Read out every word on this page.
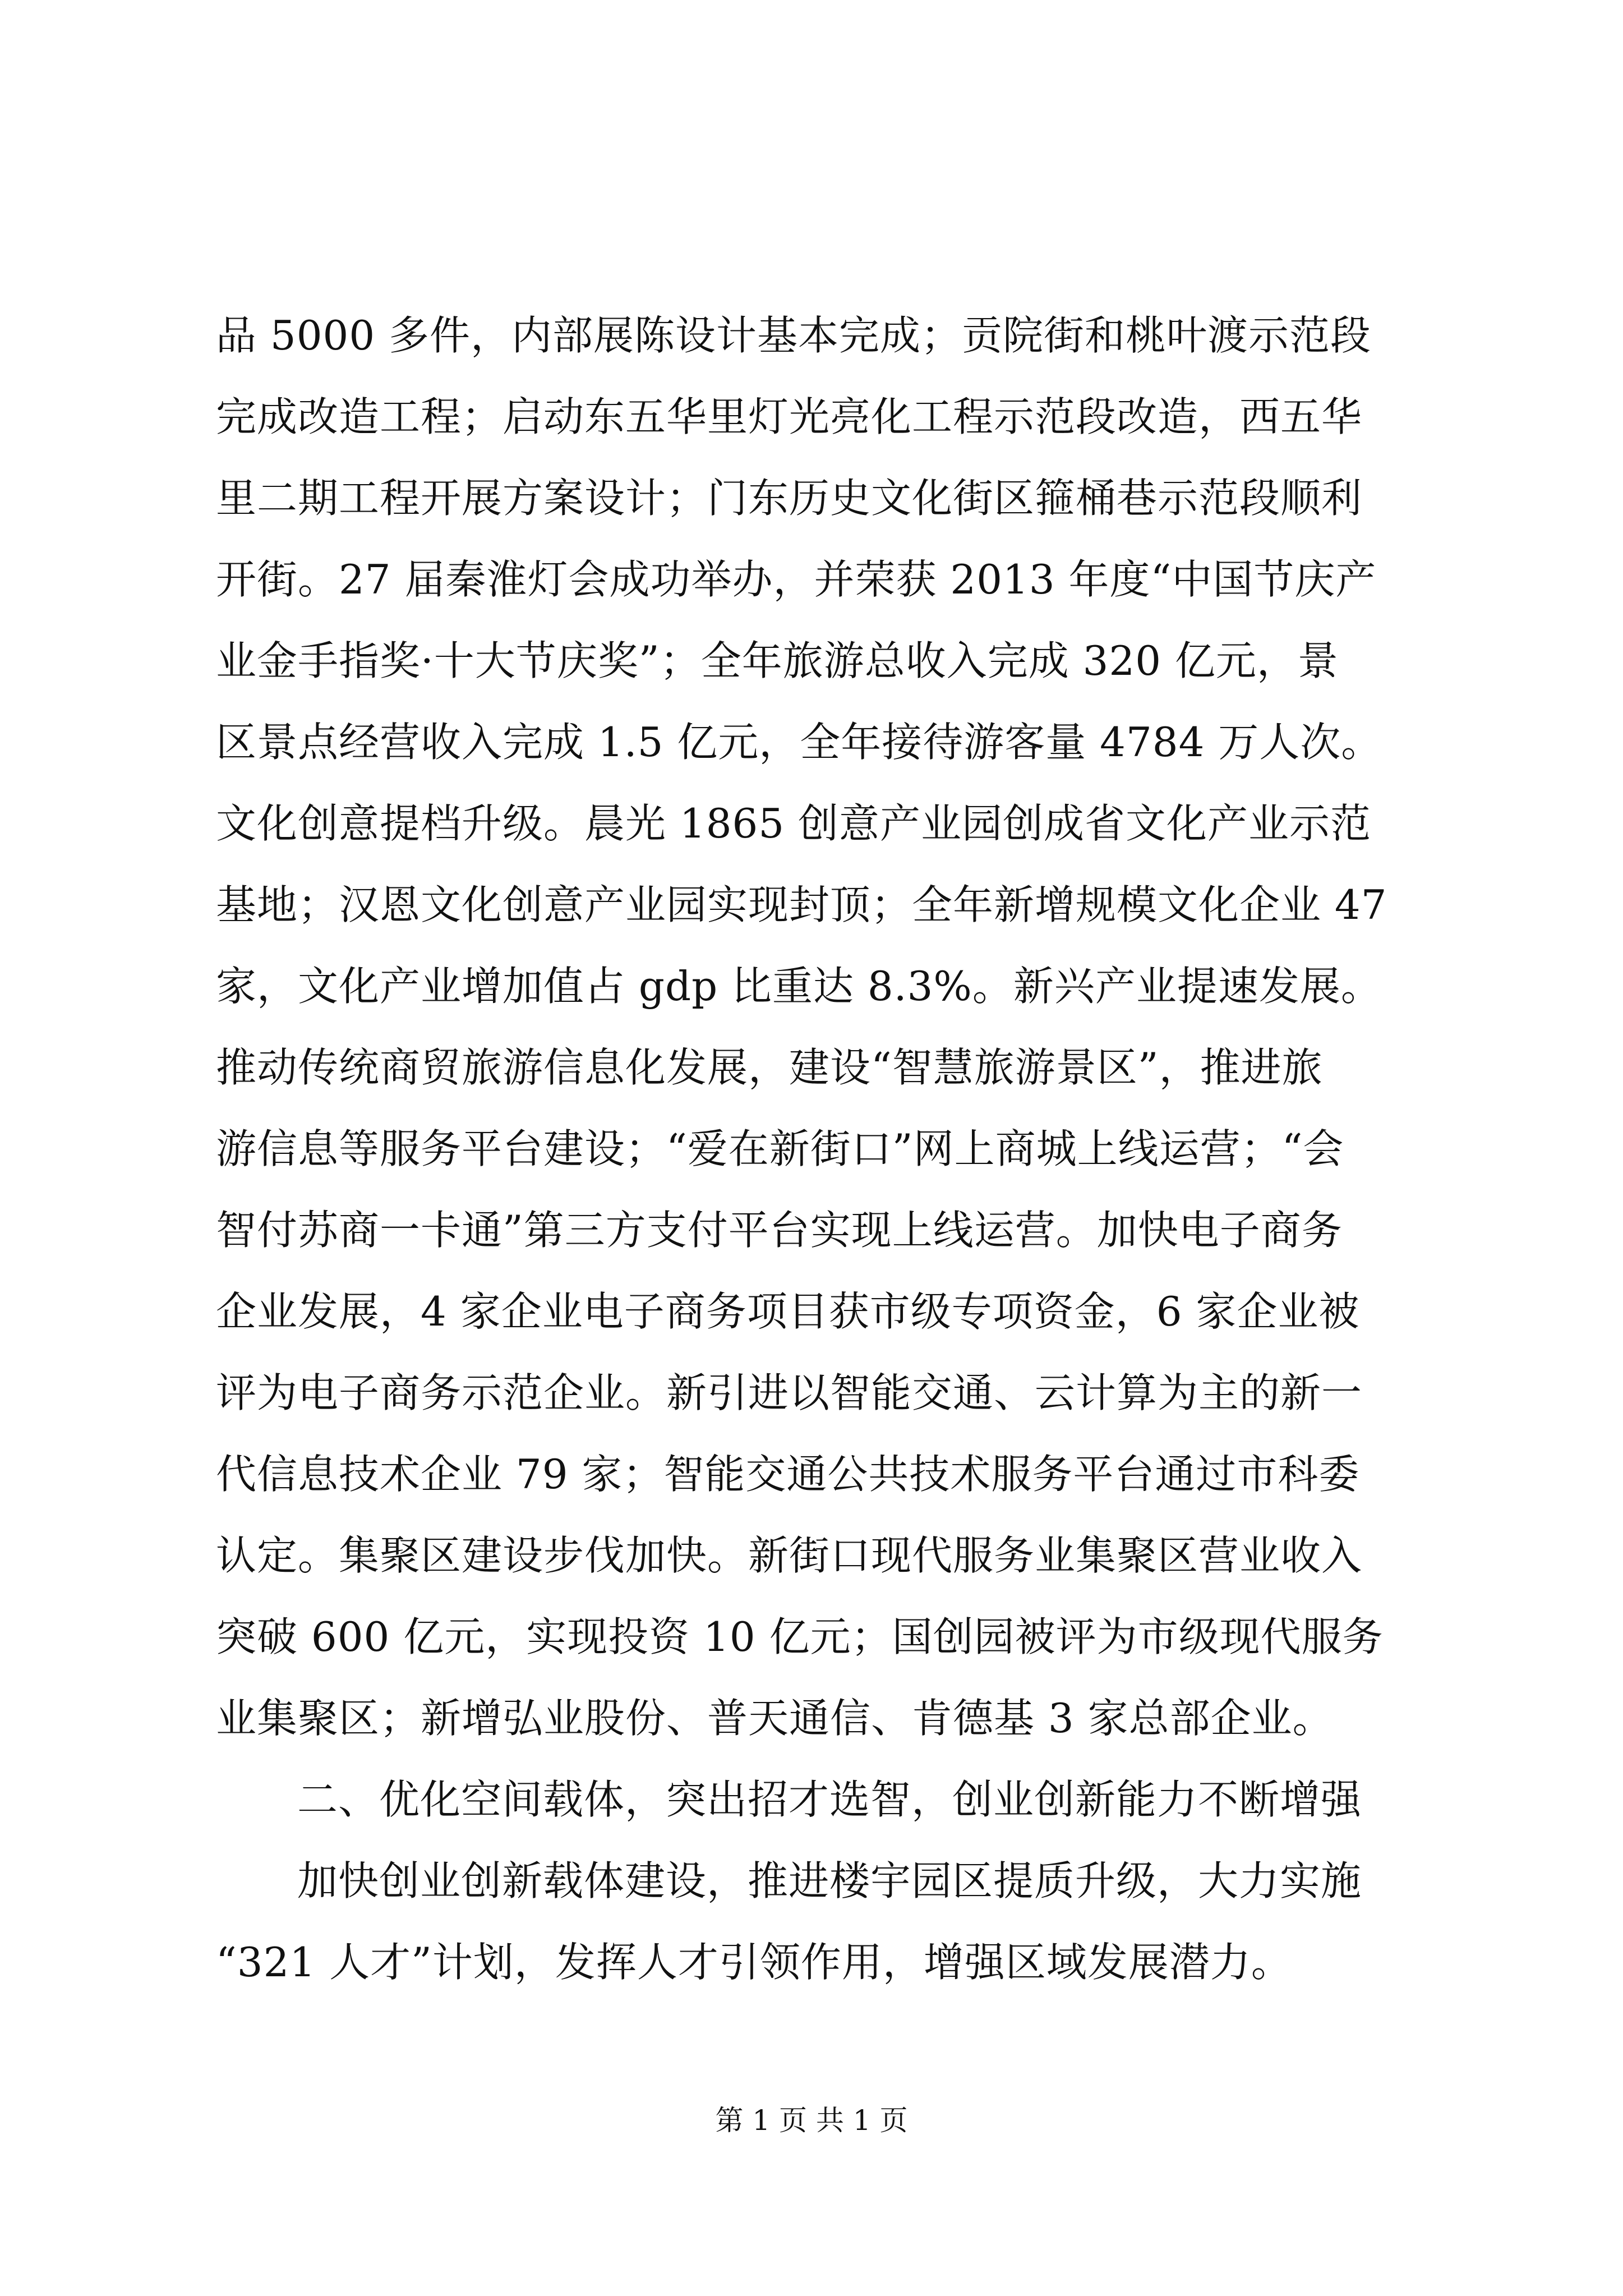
品 5000 多件，内部展陈设计基本完成；贡院街和桃叶渡示范段
完成改造工程；启动东五华里灯光亮化工程示范段改造，西五华
里二期工程开展方案设计；门东历史文化街区箍桶巷示范段顺利
开街。27 届秦淮灯会成功举办，并荣获 2013 年度“中国节庆产
业金手指奖·十大节庆奖”；全年旅游总收入完成 320 亿元，景
区景点经营收入完成 1.5 亿元，全年接待游客量 4784 万人次。
文化创意提档升级。晨光 1865 创意产业园创成省文化产业示范
基地；汉恩文化创意产业园实现封顶；全年新增规模文化企业 47
家，文化产业增加值占 gdp 比重达 8.3%。新兴产业提速发展。
推动传统商贸旅游信息化发展，建设“智慧旅游景区”，推进旅
游信息等服务平台建设；“爱在新街口”网上商城上线运营；“会
智付苏商一卡通”第三方支付平台实现上线运营。加快电子商务
企业发展，4 家企业电子商务项目获市级专项资金，6 家企业被
评为电子商务示范企业。新引进以智能交通、云计算为主的新一
代信息技术企业 79 家；智能交通公共技术服务平台通过市科委
认定。集聚区建设步伐加快。新街口现代服务业集聚区营业收入
突破 600 亿元，实现投资 10 亿元；国创园被评为市级现代服务
业集聚区；新增弘业股份、普天通信、肯德基 3 家总部企业。
二、优化空间载体，突出招才选智，创业创新能力不断增强
加快创业创新载体建设，推进楼宇园区提质升级，大力实施
“321 人才”计划，发挥人才引领作用，增强区域发展潜力。
第 1 页 共 1 页
